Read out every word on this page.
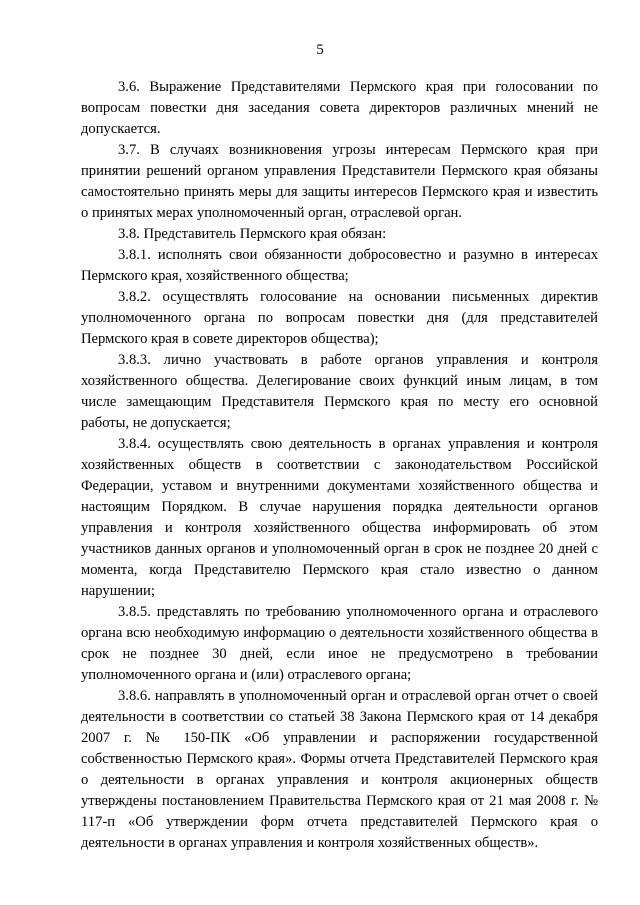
5

3.6. Выражение Представителями Пермского края при голосовании по вопросам повестки дня заседания совета директоров различных мнений не допускается.

3.7. В случаях возникновения угрозы интересам Пермского края при принятии решений органом управления Представители Пермского края обязаны самостоятельно принять меры для защиты интересов Пермского края и известить о принятых мерах уполномоченный орган, отраслевой орган.

3.8. Представитель Пермского края обязан:

3.8.1. исполнять свои обязанности добросовестно и разумно в интересах Пермского края, хозяйственного общества;

3.8.2. осуществлять голосование на основании письменных директив уполномоченного органа по вопросам повестки дня (для представителей Пермского края в совете директоров общества);

3.8.3. лично участвовать в работе органов управления и контроля хозяйственного общества. Делегирование своих функций иным лицам, в том числе замещающим Представителя Пермского края по месту его основной работы, не допускается;

3.8.4. осуществлять свою деятельность в органах управления и контроля хозяйственных обществ в соответствии с законодательством Российской Федерации, уставом и внутренними документами хозяйственного общества и настоящим Порядком. В случае нарушения порядка деятельности органов управления и контроля хозяйственного общества информировать об этом участников данных органов и уполномоченный орган в срок не позднее 20 дней с момента, когда Представителю Пермского края стало известно о данном нарушении;

3.8.5. представлять по требованию уполномоченного органа и отраслевого органа всю необходимую информацию о деятельности хозяйственного общества в срок не позднее 30 дней, если иное не предусмотрено в требовании уполномоченного органа и (или) отраслевого органа;

3.8.6. направлять в уполномоченный орган и отраслевой орган отчет о своей деятельности в соответствии со статьей 38 Закона Пермского края от 14 декабря 2007 г. № 150-ПК «Об управлении и распоряжении государственной собственностью Пермского края». Формы отчета Представителей Пермского края о деятельности в органах управления и контроля акционерных обществ утверждены постановлением Правительства Пермского края от 21 мая 2008 г. № 117-п «Об утверждении форм отчета представителей Пермского края о деятельности в органах управления и контроля хозяйственных обществ».
